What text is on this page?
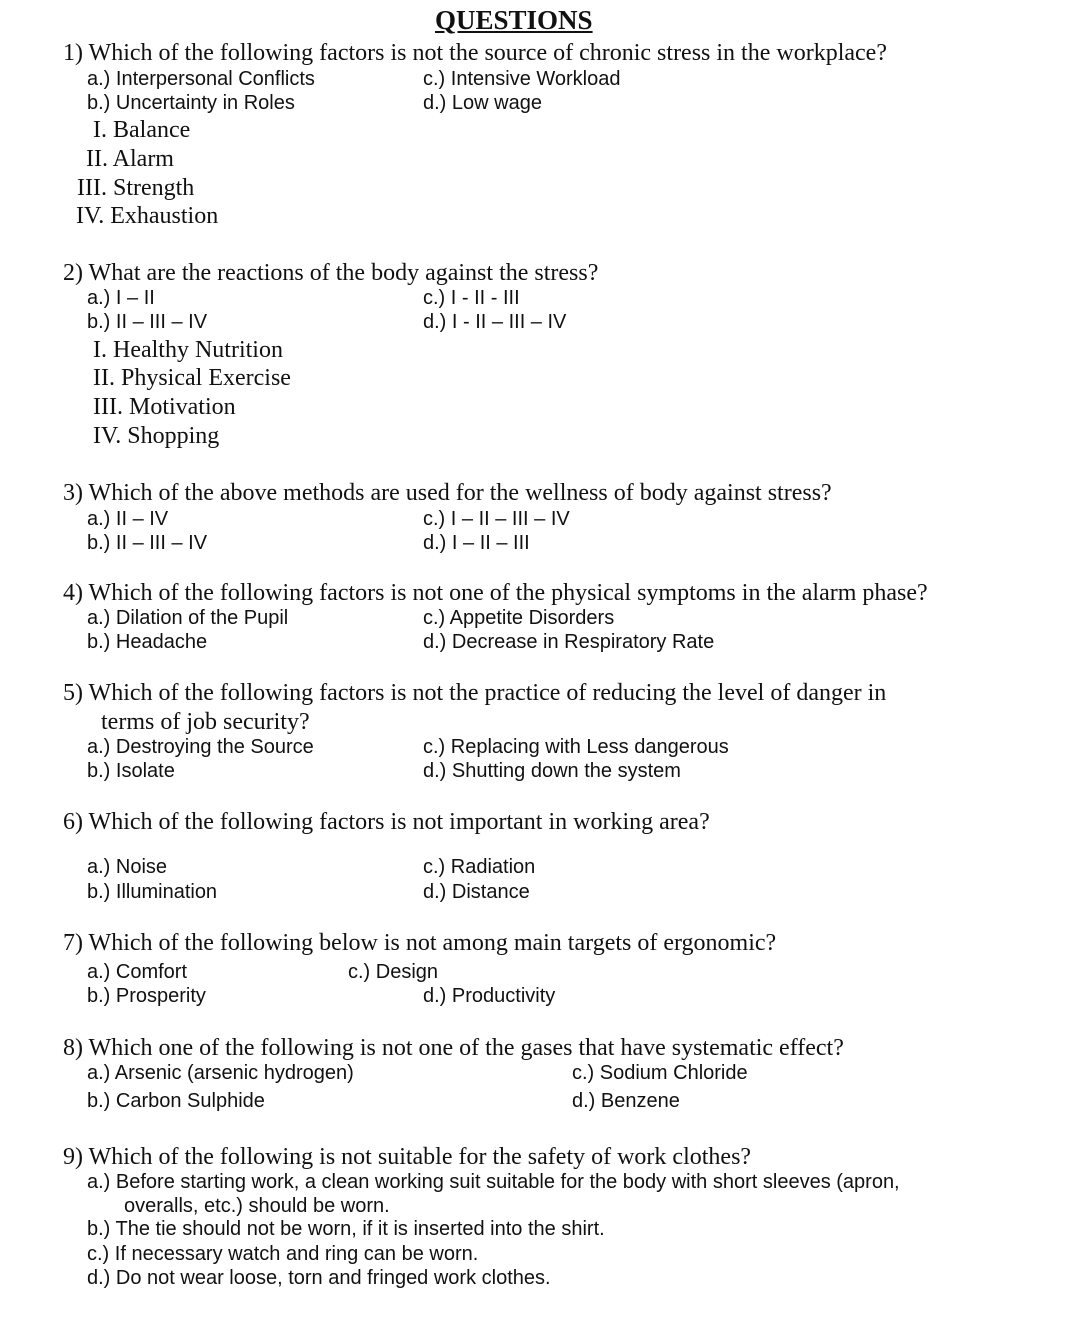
QUESTIONS
1) Which of the following factors is not the source of chronic stress in the workplace?
a.) Interpersonal Conflicts	c.) Intensive Workload
b.) Uncertainty in Roles	d.) Low wage
I. Balance
II. Alarm
III. Strength
IV. Exhaustion
2) What are the reactions of the body against the stress?
a.) I – II	c.) I - II - III
b.) II – III – IV	d.) I - II – III – IV
I. Healthy Nutrition
II. Physical Exercise
III. Motivation
IV. Shopping
3) Which of the above methods are used for the wellness of body against stress?
a.) II – IV	c.) I – II – III – IV
b.) II – III – IV	d.) I – II – III
4) Which of the following factors is not one of the physical symptoms in the alarm phase?
a.) Dilation of the Pupil	c.) Appetite Disorders
b.) Headache	d.) Decrease in Respiratory Rate
5) Which of the following factors is not the practice of reducing the level of danger in
terms of job security?
a.) Destroying the Source	c.) Replacing with Less dangerous
b.) Isolate	d.) Shutting down the system
6) Which of the following factors is not important in working area?
a.) Noise	c.) Radiation
b.) Illumination	d.) Distance
7) Which of the following below is not among main targets of ergonomic?
a.) Comfort	c.) Design
b.) Prosperity	d.) Productivity
8) Which one of the following is not one of the gases that have systematic effect?
a.) Arsenic (arsenic hydrogen)	c.) Sodium Chloride
b.) Carbon Sulphide	d.) Benzene
9) Which of the following is not suitable for the safety of work clothes?
a.) Before starting work, a clean working suit suitable for the body with short sleeves (apron,
overalls, etc.) should be worn.
b.) The tie should not be worn, if it is inserted into the shirt.
c.) If necessary watch and ring can be worn.
d.) Do not wear loose, torn and fringed work clothes.
